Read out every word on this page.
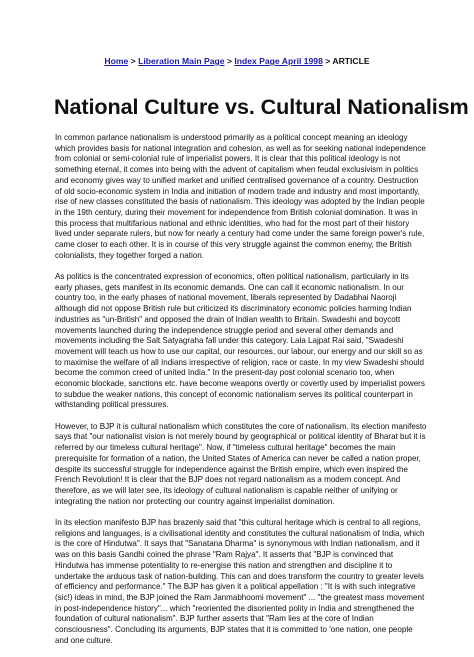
Home > Liberation Main Page > Index Page April 1998 > ARTICLE
National Culture vs. Cultural Nationalism

In common parlance nationalism is understood primarily as a political concept meaning an ideology which provides basis for national integration and cohesion, as well as for seeking national independence from colonial or semi-colonial rule of imperialist powers. It is clear that this political ideology is not something eternal, it comes into being with the advent of capitalism when feudal exclusivism in politics and economy gives way to unified market and unified centralised governance of a country. Destruction of old socio-economic system in India and initiation of modern trade and industry and most importantly, rise of new classes constituted the basis of nationalism. This ideology was adopted by the Indian people in the 19th century, during their movement for independence from British colonial domination. It was in this process that multifarious national and ethnic identities, who had for the most part of their history lived under separate rulers, but now for nearly a century had come under the same foreign power's rule, came closer to each other. It is in course of this very struggle against the common enemy, the British colonialists, they together forged a nation.

As politics is the concentrated expression of economics, often political nationalism, particularly in its early phases, gets manifest in its economic demands. One can call it economic nationalism. In our country too, in the early phases of national movement, liberals represented by Dadabhai Naoroji although did not oppose British rule but criticized its discriminatory economic policies harming Indian industries as "un-British" and opposed the drain of Indian wealth to Britain. Swadeshi and boycott movements launched during the independence struggle period and several other demands and movements including the Salt Satyagraha fall under this category. Lala Lajpat Rai said, "Swadeshi movement will teach us how to use our capital, our resources, our labour, our energy and our skill so as to maximise the welfare of all Indians irrespective of religion, race or caste. In my view Swadeshi should become the common creed of united India." In the present-day post colonial scenario too, when economic blockade, sanctions etc. have become weapons overtly or covertly used by imperialist powers to subdue the weaker nations, this concept of economic nationalism serves its political counterpart in withstanding political pressures.

However, to BJP it is cultural nationalism which constitutes the core of nationalism. Its election manifesto says that "our nationalist vision is not merely bound by geographical or political identity of Bharat but it is referred by our timeless cultural heritage". Now, if "timeless cultural heritage" becomes the main prerequisite for formation of a nation, the United States of America can never be called a nation proper, despite its successful struggle for independence against the British empire, which even inspired the French Revolution! It is clear that the BJP does not regard nationalism as a modern concept. And therefore, as we will later see, its ideology of cultural nationalism is capable neither of unifying or integrating the nation nor protecting our country against imperialist domination.

In its election manifesto BJP has brazenly said that "this cultural heritage which is central to all regions, religions and languages, is a civilisational identity and constitutes the cultural nationalism of India, which is the core of Hindutwa". It says that "Sanatana Dharma" is synonymous with Indian nationalism, and it was on this basis Gandhi coined the phrase "Ram Rajya". It asserts that "BJP is convinced that Hindutwa has immense potentiality to re-energise this nation and strengthen and discipline it to undertake the arduous task of nation-building. This can and does transform the country to greater levels of efficiency and performance." The BJP has given it a political appellation : "It is with such integrative (sic!) ideas in mind, the BJP joined the Ram Janmabhoomi movement" ... "the greatest mass movement in post-independence history"... which "reoriented the disoriented polity in India and strengthened the foundation of cultural nationalism". BJP further asserts that "Ram lies at the core of Indian consciousness". Concluding its arguments, BJP states that it is committed to 'one nation, one people and one culture.
